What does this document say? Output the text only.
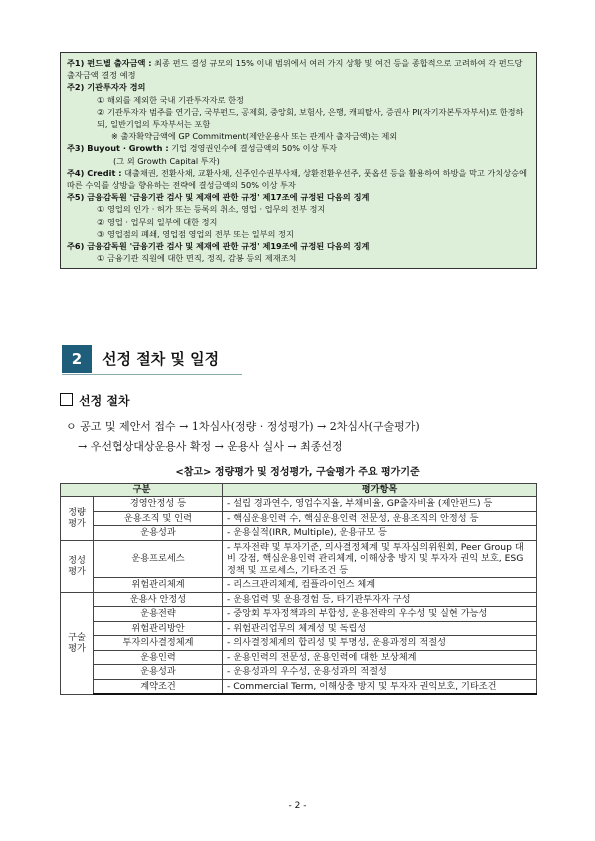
주1) 펀드별 출자금액 : 최종 펀드 결성 규모의 15% 이내 범위에서 여러 가지 상황 및 여건 등을 종합적으로 고려하여 각 펀드당 출자금액 결정 예정
주2) 기관투자자 경의
① 해외를 제외한 국내 기관투자자로 한정
② 기관투자자 범주를 연기금, 국부펀드, 공제회, 중앙회, 보험사, 은행, 캐피탈사, 증권사 PI(자기자본투자부서)로 한정하되, 일반기업의 투자부서는 포함
※ 출자확약금액에 GP Commitment(제안운용사 또는 관계사 출자금액)는 제외
주3) Buyout · Growth : 기업 경영권인수에 결성금액의 50% 이상 투자
(그 외 Growth Capital 투자)
주4) Credit : 대출채권, 전환사채, 교환사채, 신주인수권부사채, 상환전환우선주, 풋옵션 등을 활용하여 하방을 막고 가치상승에 따른 수익를 상방을 향유하는 전략에 결성금액의 50% 이상 투자
주5) 금융감독원 '금융기관 검사 및 제재에 관한 규정' 제17조에 규정된 다음의 징계
① 영업의 인가 · 허가 또는 등록의 취소, 영업 · 업무의 전부 정지
② 영업 · 업무의 일부에 대한 정지
③ 영업점의 폐쇄, 영업점 영업의 전부 또는 일부의 정지
주6) 금융감독원 '금융기관 검사 및 제재에 관한 규정' 제19조에 규정된 다음의 징계
① 금융기관 직원에 대한 면직, 정직, 감봉 등의 제재조치
2	선정 절차 및 일정
선정 절차
ㅇ 공고 및 제안서 접수 → 1차심사(정량 · 정성평가) → 2차심사(구술평가)
→ 우선협상대상운용사 확정 → 운용사 실사 → 최종선정
<참고> 정량평가 및 정성평가, 구술평가 주요 평가기준
구분		평가항목
정량
평가	경영안정성 등	- 설립 경과연수, 영업수지율, 부채비율, GP출자비율 (제안펀드) 등
	운용조직 및 인력	- 핵심운용인력 수, 핵심운용인력 전문성, 운용조직의 안정성 등
	운용성과	- 운용실적(IRR, Multiple), 운용규모 등
정성
평가	운용프로세스	- 투자전략 및 투자기준, 의사결정체계 및 투자심의위원회, Peer Group 대비 강점, 핵심운용인력 관리체계, 이해상충 방지 및 투자자 권익 보호, ESG 정책 및 프로세스, 기타조건 등
	위험관리체계	- 리스크관리체계, 컴플라이언스 체계
구술
평가	운용사 안정성	- 운용업력 및 운용경험 등, 타기관투자자 구성
	운용전략	- 중앙회 투자정책과의 부합성, 운용전략의 우수성 및 실현 가능성
	위험관리방안	- 위험관리업무의 체계성 및 독립성
	투자의사결정체계	- 의사결정체계의 합리성 및 투명성, 운용과정의 적절성
	운용인력	- 운용인력의 전문성, 운용인력에 대한 보상체계
	운용성과	- 운용성과의 우수성, 운용성과의 적절성
	계약조건	- Commercial Term, 이해상충 방지 및 투자자 권익보호, 기타조건
- 2 -
